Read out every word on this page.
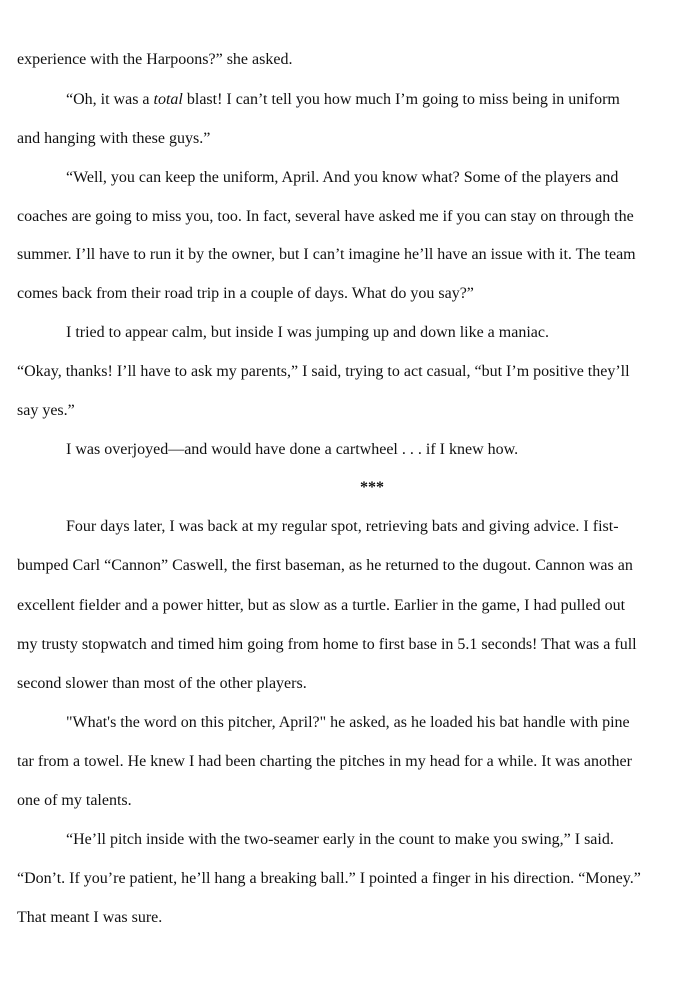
experience with the Harpoons?” she asked.
“Oh, it was a total blast! I can’t tell you how much I’m going to miss being in uniform
and hanging with these guys.”
“Well, you can keep the uniform, April. And you know what? Some of the players and
coaches are going to miss you, too. In fact, several have asked me if you can stay on through the
summer. I’ll have to run it by the owner, but I can’t imagine he’ll have an issue with it. The team
comes back from their road trip in a couple of days. What do you say?”
I tried to appear calm, but inside I was jumping up and down like a maniac.
“Okay, thanks! I’ll have to ask my parents,” I said, trying to act casual, “but I’m positive they’ll
say yes.”
I was overjoyed—and would have done a cartwheel . . . if I knew how.
***
Four days later, I was back at my regular spot, retrieving bats and giving advice. I fist-
bumped Carl “Cannon” Caswell, the first baseman, as he returned to the dugout. Cannon was an
excellent fielder and a power hitter, but as slow as a turtle. Earlier in the game, I had pulled out
my trusty stopwatch and timed him going from home to first base in 5.1 seconds! That was a full
second slower than most of the other players.
"What's the word on this pitcher, April?" he asked, as he loaded his bat handle with pine
tar from a towel. He knew I had been charting the pitches in my head for a while. It was another
one of my talents.
“He’ll pitch inside with the two-seamer early in the count to make you swing,” I said.
“Don’t. If you’re patient, he’ll hang a breaking ball.” I pointed a finger in his direction. “Money.”
That meant I was sure.
